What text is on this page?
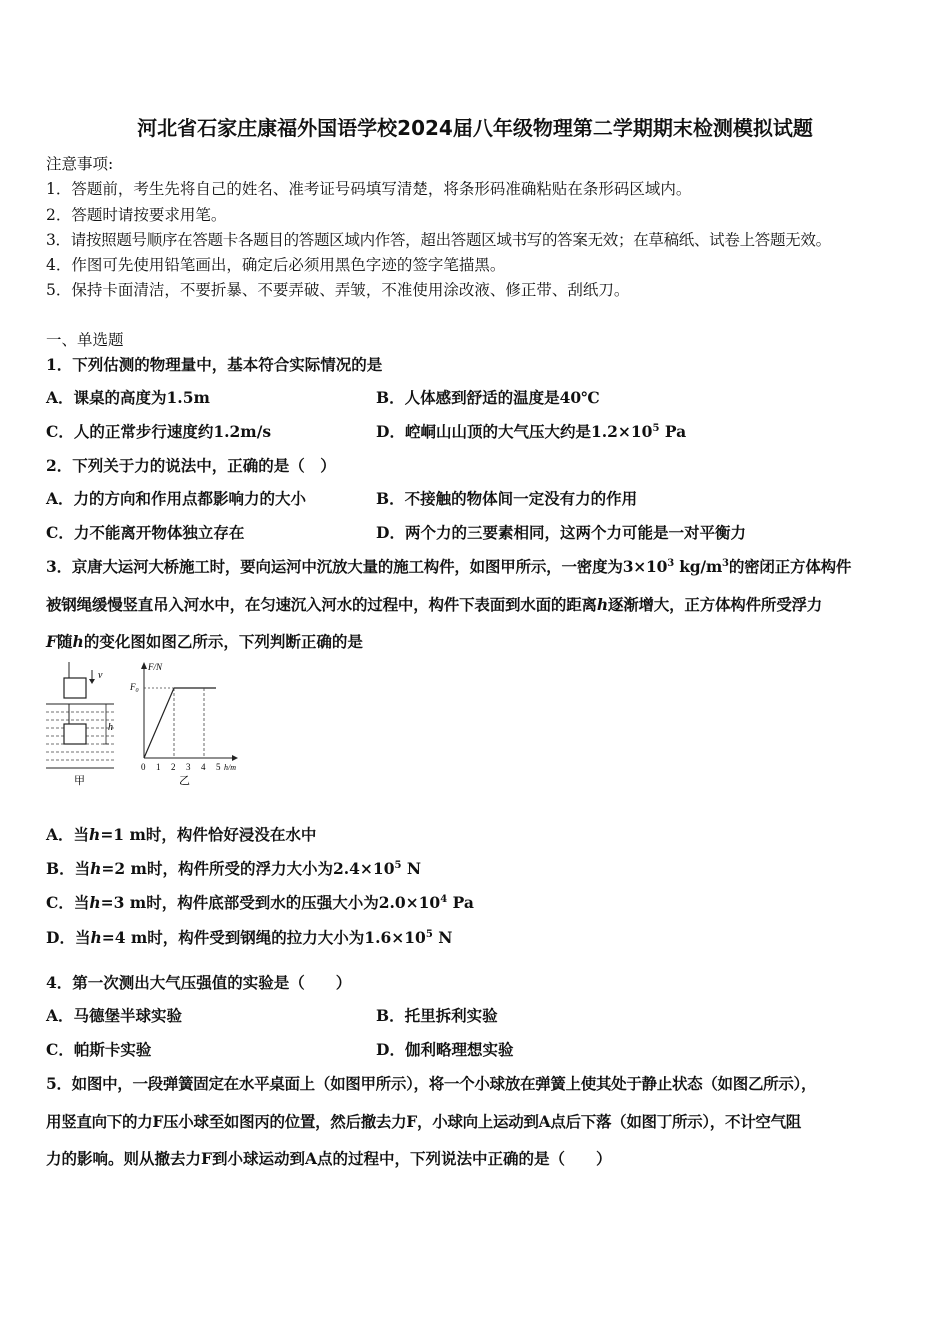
河北省石家庄康福外国语学校2024届八年级物理第二学期期末检测模拟试题
注意事项:
1．答题前，考生先将自己的姓名、准考证号码填写清楚，将条形码准确粘贴在条形码区域内。
2．答题时请按要求用笔。
3．请按照题号顺序在答题卡各题目的答题区域内作答，超出答题区域书写的答案无效；在草稿纸、试卷上答题无效。
4．作图可先使用铅笔画出，确定后必须用黑色字迹的签字笔描黑。
5．保持卡面清洁，不要折暴、不要弄破、弄皱，不准使用涂改液、修正带、刮纸刀。
一、单选题
1．下列估测的物理量中，基本符合实际情况的是
A．课桌的高度为1.5m	B．人体感到舒适的温度是40℃
C．人的正常步行速度约1.2m/s	D．崆峒山山顶的大气压大约是$1.2\times 10^5$ Pa
2．下列关于力的说法中，正确的是（　）
A．力的方向和作用点都影响力的大小	B．不接触的物体间一定没有力的作用
C．力不能离开物体独立存在	D．两个力的三要素相同，这两个力可能是一对平衡力
3．京唐大运河大桥施工时，要向运河中沉放大量的施工构件，如图甲所示，一密度为$3\times 10^3$ $kg/m^3$的密闭正方体构件
被钢绳缓慢竖直吊入河水中，在匀速沉入河水的过程中，构件下表面到水面的距离h逐渐增大，正方体构件所受浮力
F随h的变化图如图乙所示，下列判断正确的是
v
h
甲
F/N
$F_0$
0 1 2 3 4 5 h/m
乙
A．当h=1 m时，构件恰好浸没在水中
B．当h=2 m时，构件所受的浮力大小为$2.4\times 10^5$ N
C．当h=3 m时，构件底部受到水的压强大小为$2.0\times 10^4$ Pa
D．当h=4 m时，构件受到钢绳的拉力大小为$1.6\times 10^5$ N
4．第一次测出大气压强值的实验是（　　）
A．马德堡半球实验	B．托里拆利实验
C．帕斯卡实验	D．伽利略理想实验
5．如图中，一段弹簧固定在水平桌面上（如图甲所示），将一个小球放在弹簧上使其处于静止状态（如图乙所示），
用竖直向下的力F压小球至如图丙的位置，然后撤去力F，小球向上运动到A点后下落（如图丁所示），不计空气阻
力的影响。则从撤去力F到小球运动到A点的过程中，下列说法中正确的是（　　）
